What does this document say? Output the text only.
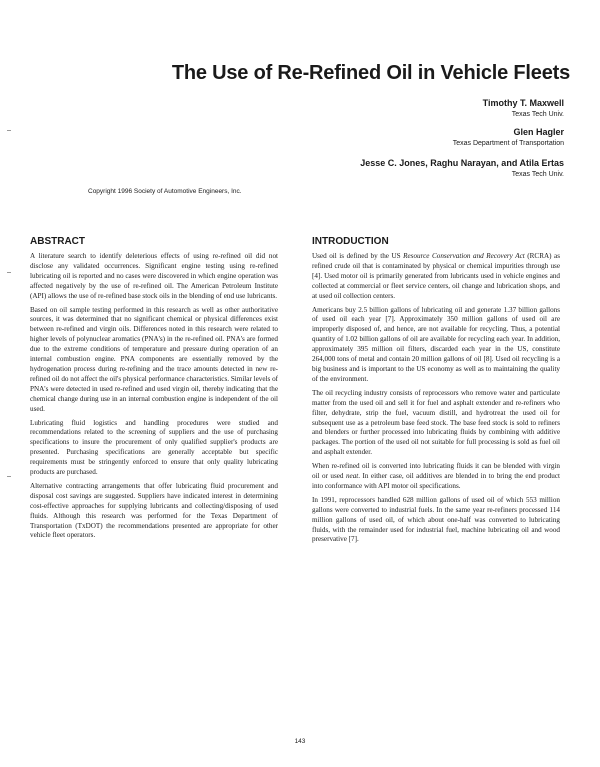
The Use of Re-Refined Oil in Vehicle Fleets
Timothy T. Maxwell
Texas Tech Univ.
Glen Hagler
Texas Department of Transportation
Jesse C. Jones, Raghu Narayan, and Atila Ertas
Texas Tech Univ.
Copyright 1996 Society of Automotive Engineers, Inc.
ABSTRACT

A literature search to identify deleterious effects of using re-refined oil did not disclose any validated occurrences. Significant engine testing using re-refined lubricating oil is reported and no cases were discovered in which engine operation was affected negatively by the use of re-refined oil. The American Petroleum Institute (API) allows the use of re-refined base stock oils in the blending of end use lubricants.

Based on oil sample testing performed in this research as well as other authoritative sources, it was determined that no significant chemical or physical differences exist between re-refined and virgin oils. Differences noted in this research were related to higher levels of polynuclear aromatics (PNA's) in the re-refined oil. PNA's are formed due to the extreme conditions of temperature and pressure during operation of an internal combustion engine. PNA components are essentially removed by the hydrogenation process during re-refining and the trace amounts detected in new re-refined oil do not affect the oil's physical performance characteristics. Similar levels of PNA's were detected in used re-refined and used virgin oil, thereby indicating that the chemical change during use in an internal combustion engine is independent of the oil used.

Lubricating fluid logistics and handling procedures were studied and recommendations related to the screening of suppliers and the use of purchasing specifications to insure the procurement of only qualified supplier's products are presented. Purchasing specifications are generally acceptable but specific requirements must be stringently enforced to ensure that only quality lubricating products are purchased.

Alternative contracting arrangements that offer lubricating fluid procurement and disposal cost savings are suggested. Suppliers have indicated interest in determining cost-effective approaches for supplying lubricants and collecting/disposing of used fluids. Although this research was performed for the Texas Department of Transportation (TxDOT) the recommendations presented are appropriate for other vehicle fleet operators.

INTRODUCTION

Used oil is defined by the US Resource Conservation and Recovery Act (RCRA) as refined crude oil that is contaminated by physical or chemical impurities through use [4]. Used motor oil is primarily generated from lubricants used in vehicle engines and collected at commercial or fleet service centers, oil change and lubrication shops, and at used oil collection centers.

Americans buy 2.5 billion gallons of lubricating oil and generate 1.37 billion gallons of used oil each year [7]. Approximately 350 million gallons of used oil are improperly disposed of, and hence, are not available for recycling. Thus, a potential quantity of 1.02 billion gallons of oil are available for recycling each year. In addition, approximately 395 million oil filters, discarded each year in the US, constitute 264,000 tons of metal and contain 20 million gallons of oil [8]. Used oil recycling is a big business and is important to the US economy as well as to maintaining the quality of the environment.

The oil recycling industry consists of reprocessors who remove water and particulate matter from the used oil and sell it for fuel and asphalt extender and re-refiners who filter, dehydrate, strip the fuel, vacuum distill, and hydrotreat the used oil for subsequent use as a petroleum base feed stock. The base feed stock is sold to refiners and blenders or further processed into lubricating fluids by combining with additive packages. The portion of the used oil not suitable for full processing is sold as fuel oil and asphalt extender.

When re-refined oil is converted into lubricating fluids it can be blended with virgin oil or used neat. In either case, oil additives are blended in to bring the end product into conformance with API motor oil specifications.

In 1991, reprocessors handled 628 million gallons of used oil of which 553 million gallons were converted to industrial fuels. In the same year re-refiners processed 114 million gallons of used oil, of which about one-half was converted to lubricating fluids, with the remainder used for industrial fuel, machine lubricating oil and wood preservative [7].

143
